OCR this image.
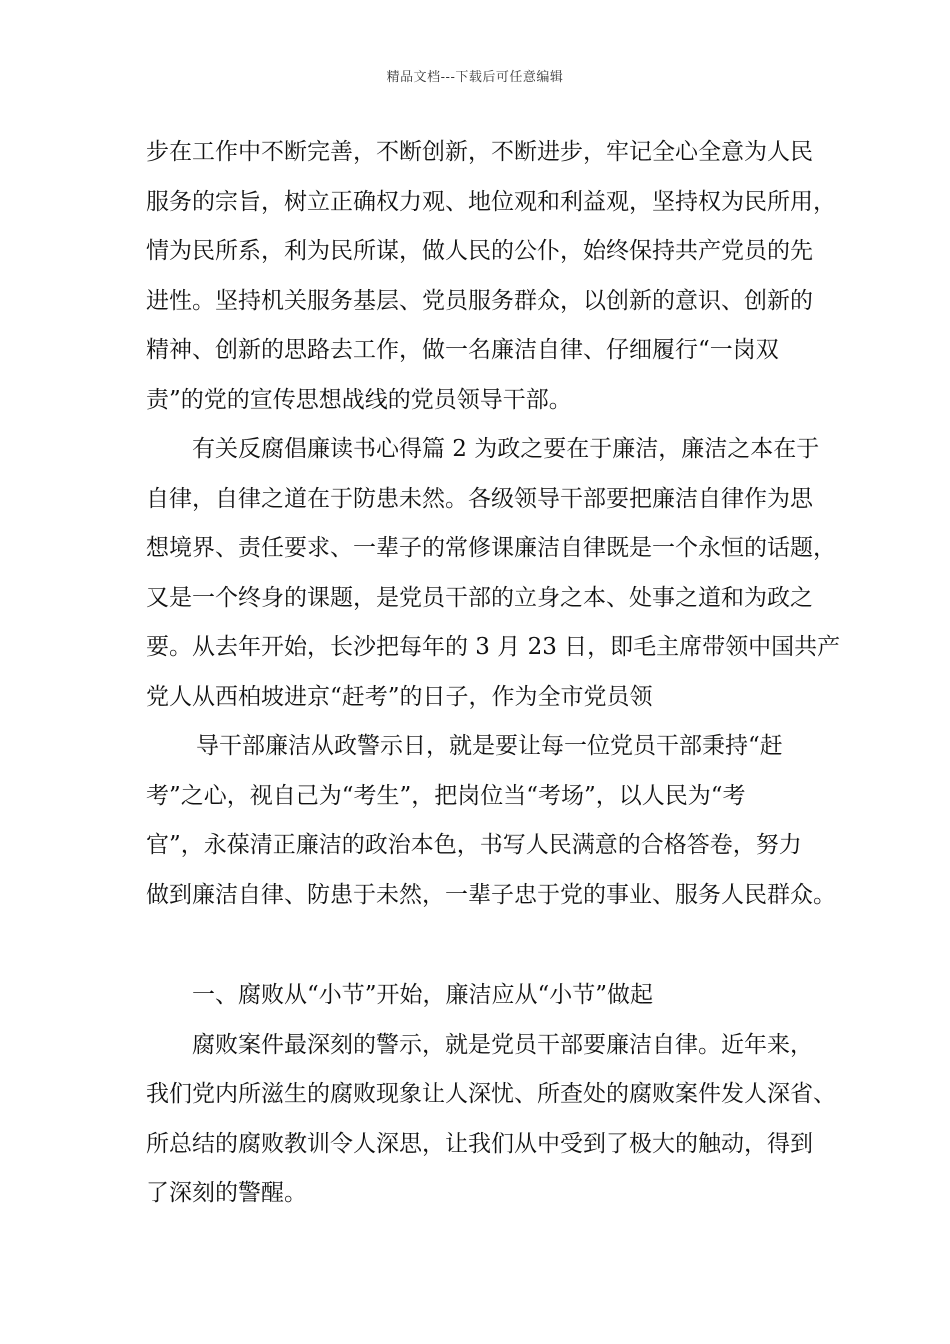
精品文档---下载后可任意编辑
步在工作中不断完善，不断创新，不断进步，牢记全心全意为人民
服务的宗旨，树立正确权力观、地位观和利益观，坚持权为民所用，
情为民所系，利为民所谋，做人民的公仆，始终保持共产党员的先
进性。坚持机关服务基层、党员服务群众，以创新的意识、创新的
精神、创新的思路去工作，做一名廉洁自律、仔细履行“一岗双
责”的党的宣传思想战线的党员领导干部。
有关反腐倡廉读书心得篇 2 为政之要在于廉洁，廉洁之本在于
自律，自律之道在于防患未然。各级领导干部要把廉洁自律作为思
想境界、责任要求、一辈子的常修课廉洁自律既是一个永恒的话题，
又是一个终身的课题，是党员干部的立身之本、处事之道和为政之
要。从去年开始，长沙把每年的 3 月 23 日，即毛主席带领中国共产
党人从西柏坡进京“赶考”的日子，作为全市党员领
导干部廉洁从政警示日，就是要让每一位党员干部秉持“赶
考”之心，视自己为“考生”，把岗位当“考场”，以人民为“考
官”，永葆清正廉洁的政治本色，书写人民满意的合格答卷，努力
做到廉洁自律、防患于未然，一辈子忠于党的事业、服务人民群众。
一、腐败从“小节”开始，廉洁应从“小节”做起
腐败案件最深刻的警示，就是党员干部要廉洁自律。近年来，
我们党内所滋生的腐败现象让人深忧、所查处的腐败案件发人深省、
所总结的腐败教训令人深思，让我们从中受到了极大的触动，得到
了深刻的警醒。
